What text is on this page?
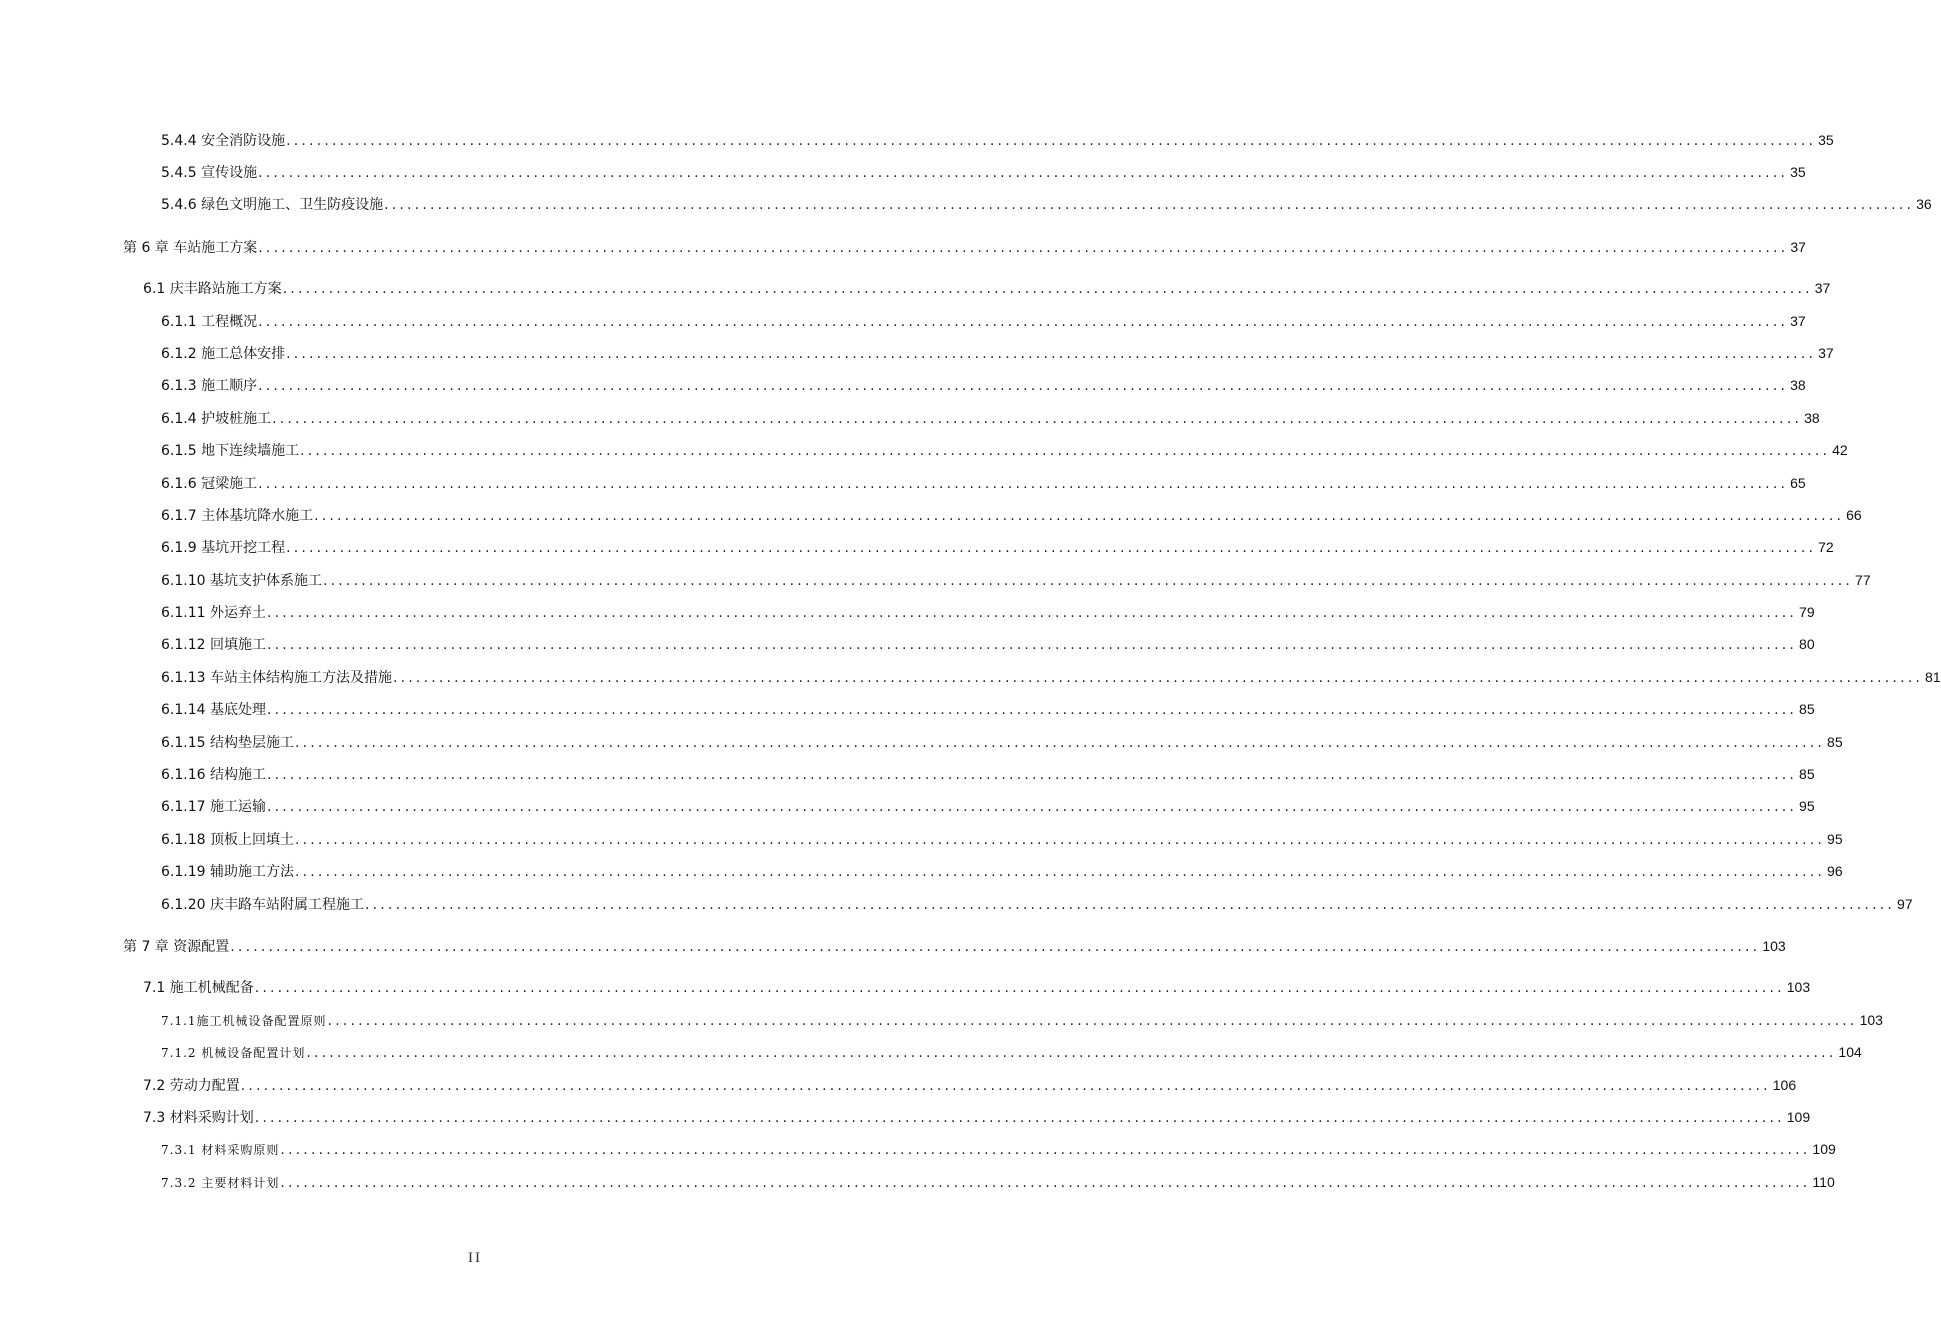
5.4.4 安全消防设施 ........................................................................................................................................................................................................ 35
5.4.5 宣传设施 ........................................................................................................................................................................................................ 35
5.4.6 绿色文明施工、卫生防疫设施 ........................................................................................................................................................................................................ 36
第 6 章 车站施工方案 ........................................................................................................................................................................................................ 37
6.1 庆丰路站施工方案 ........................................................................................................................................................................................................ 37
6.1.1 工程概况 ........................................................................................................................................................................................................ 37
6.1.2 施工总体安排 ........................................................................................................................................................................................................ 37
6.1.3 施工顺序 ........................................................................................................................................................................................................ 38
6.1.4 护坡桩施工 ........................................................................................................................................................................................................ 38
6.1.5 地下连续墙施工 ........................................................................................................................................................................................................ 42
6.1.6 冠梁施工 ........................................................................................................................................................................................................ 65
6.1.7 主体基坑降水施工 ........................................................................................................................................................................................................ 66
6.1.9 基坑开挖工程 ........................................................................................................................................................................................................ 72
6.1.10 基坑支护体系施工 ........................................................................................................................................................................................................ 77
6.1.11 外运弃土 ........................................................................................................................................................................................................ 79
6.1.12 回填施工 ........................................................................................................................................................................................................ 80
6.1.13 车站主体结构施工方法及措施 ........................................................................................................................................................................................................ 81
6.1.14 基底处理 ........................................................................................................................................................................................................ 85
6.1.15 结构垫层施工 ........................................................................................................................................................................................................ 85
6.1.16 结构施工 ........................................................................................................................................................................................................ 85
6.1.17 施工运输 ........................................................................................................................................................................................................ 95
6.1.18 顶板上回填土 ........................................................................................................................................................................................................ 95
6.1.19 辅助施工方法 ........................................................................................................................................................................................................ 96
6.1.20 庆丰路车站附属工程施工 ........................................................................................................................................................................................................ 97
第 7 章 资源配置 ........................................................................................................................................................................................................ 103
7.1 施工机械配备 ........................................................................................................................................................................................................ 103
7.1.1施工机械设备配置原则 ........................................................................................................................................................................................................ 103
7.1.2 机械设备配置计划 ........................................................................................................................................................................................................ 104
7.2 劳动力配置 ........................................................................................................................................................................................................ 106
7.3 材料采购计划 ........................................................................................................................................................................................................ 109
7.3.1 材料采购原则 ........................................................................................................................................................................................................ 109
7.3.2 主要材料计划 ........................................................................................................................................................................................................ 110
II
